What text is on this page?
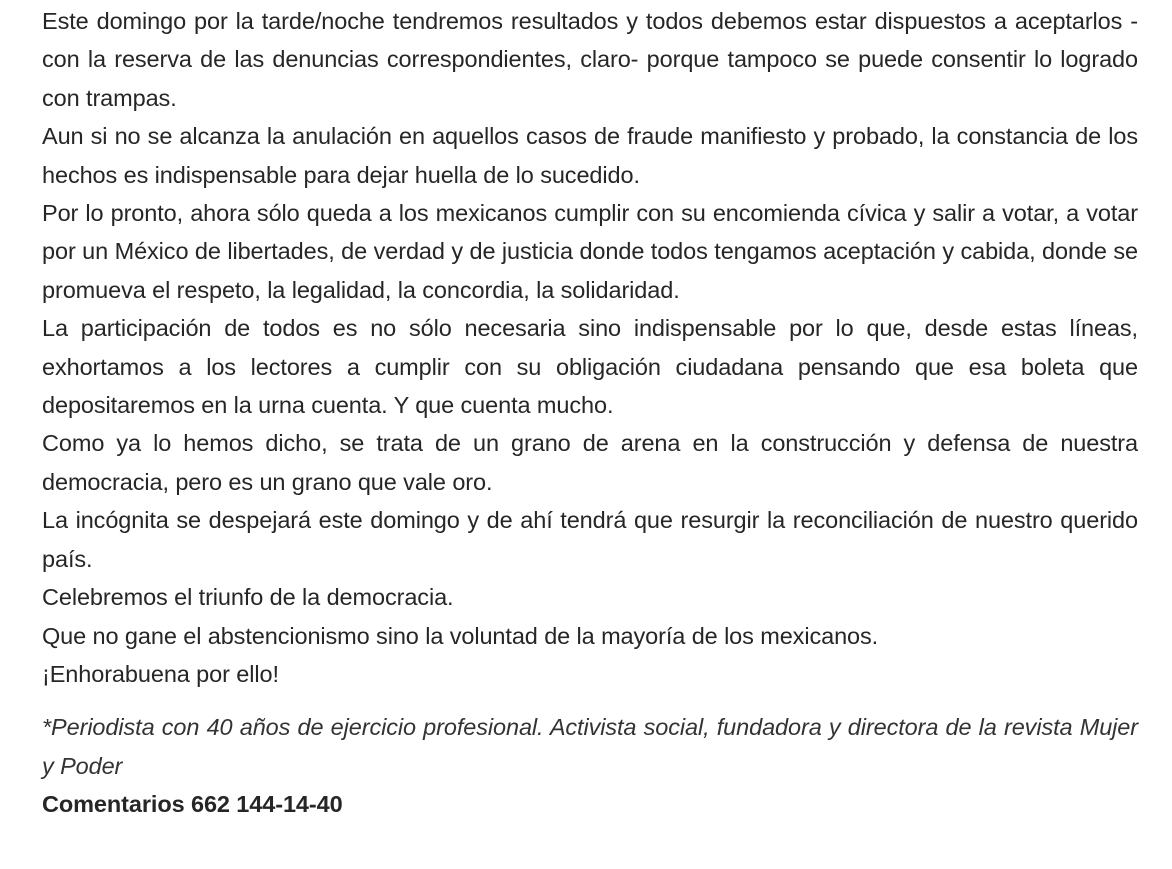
Este domingo por la tarde/noche tendremos resultados y todos debemos estar dispuestos a aceptarlos -con la reserva de las denuncias correspondientes, claro- porque tampoco se puede consentir lo logrado con trampas.

Aun si no se alcanza la anulación en aquellos casos de fraude manifiesto y probado, la constancia de los hechos es indispensable para dejar huella de lo sucedido.

Por lo pronto, ahora sólo queda a los mexicanos cumplir con su encomienda cívica y salir a votar, a votar por un México de libertades, de verdad y de justicia donde todos tengamos aceptación y cabida, donde se promueva el respeto, la legalidad, la concordia, la solidaridad.

La participación de todos es no sólo necesaria sino indispensable por lo que, desde estas líneas, exhortamos a los lectores a cumplir con su obligación ciudadana pensando que esa boleta que depositaremos en la urna cuenta. Y que cuenta mucho.

Como ya lo hemos dicho, se trata de un grano de arena en la construcción y defensa de nuestra democracia, pero es un grano que vale oro.

La incógnita se despejará este domingo y de ahí tendrá que resurgir la reconciliación de nuestro querido país.

Celebremos el triunfo de la democracia.

Que no gane el abstencionismo sino la voluntad de la mayoría de los mexicanos.

¡Enhorabuena por ello!

*Periodista con 40 años de ejercicio profesional. Activista social, fundadora y directora de la revista Mujer y Poder

Comentarios 662 144-14-40
